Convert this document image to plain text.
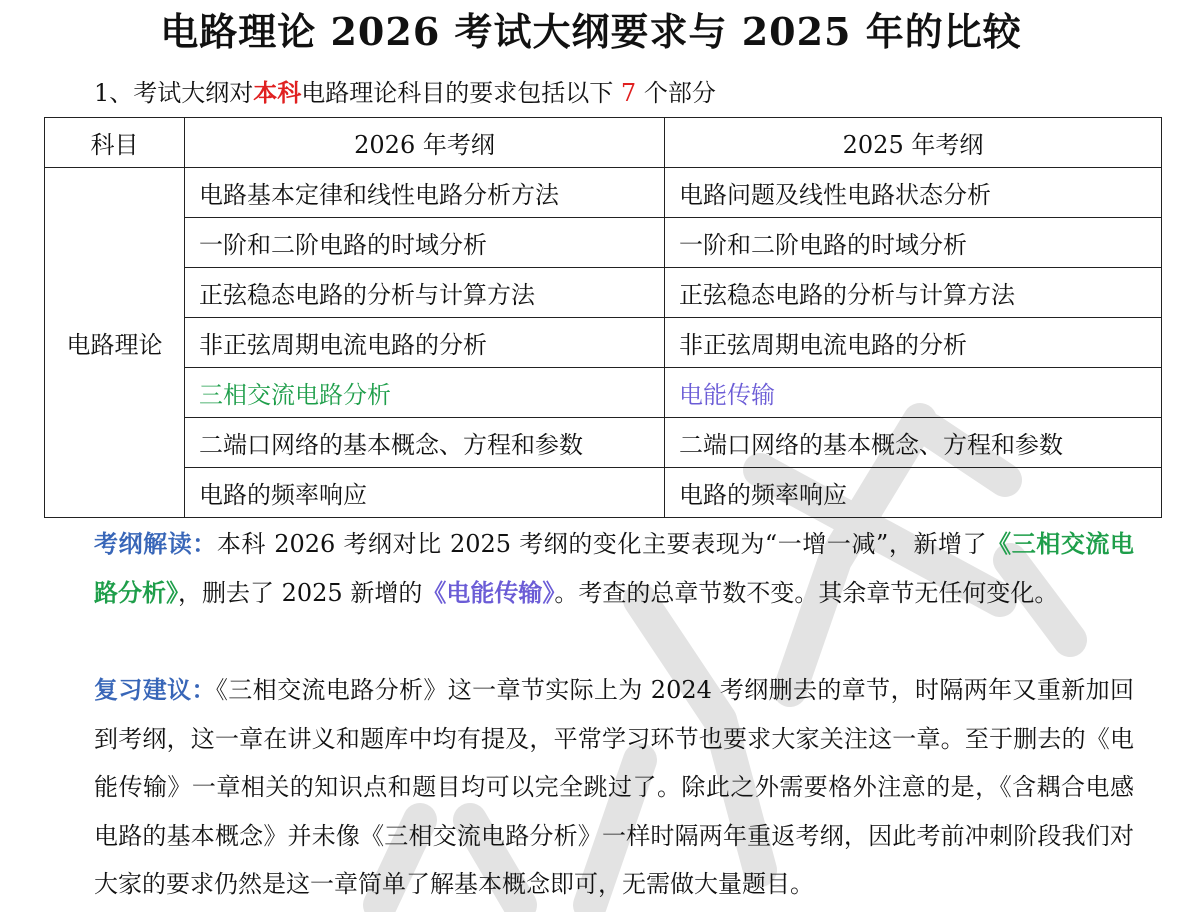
电路理论 2026 考试大纲要求与 2025 年的比较
1、考试大纲对本科电路理论科目的要求包括以下 7 个部分
科目	2026 年考纲	2025 年考纲
电路理论	电路基本定律和线性电路分析方法	电路问题及线性电路状态分析
	一阶和二阶电路的时域分析	一阶和二阶电路的时域分析
	正弦稳态电路的分析与计算方法	正弦稳态电路的分析与计算方法
	非正弦周期电流电路的分析	非正弦周期电流电路的分析
	三相交流电路分析	电能传输
	二端口网络的基本概念、方程和参数	二端口网络的基本概念、方程和参数
	电路的频率响应	电路的频率响应
考纲解读：本科 2026 考纲对比 2025 考纲的变化主要表现为“一增一减”，新增了《三相交流电路分析》，删去了 2025 新增的《电能传输》。考查的总章节数不变。其余章节无任何变化。
复习建议：《三相交流电路分析》这一章节实际上为 2024 考纲删去的章节，时隔两年又重新加回到考纲，这一章在讲义和题库中均有提及，平常学习环节也要求大家关注这一章。至于删去的《电能传输》一章相关的知识点和题目均可以完全跳过了。除此之外需要格外注意的是，《含耦合电感电路的基本概念》并未像《三相交流电路分析》一样时隔两年重返考纲，因此考前冲刺阶段我们对大家的要求仍然是这一章简单了解基本概念即可，无需做大量题目。
